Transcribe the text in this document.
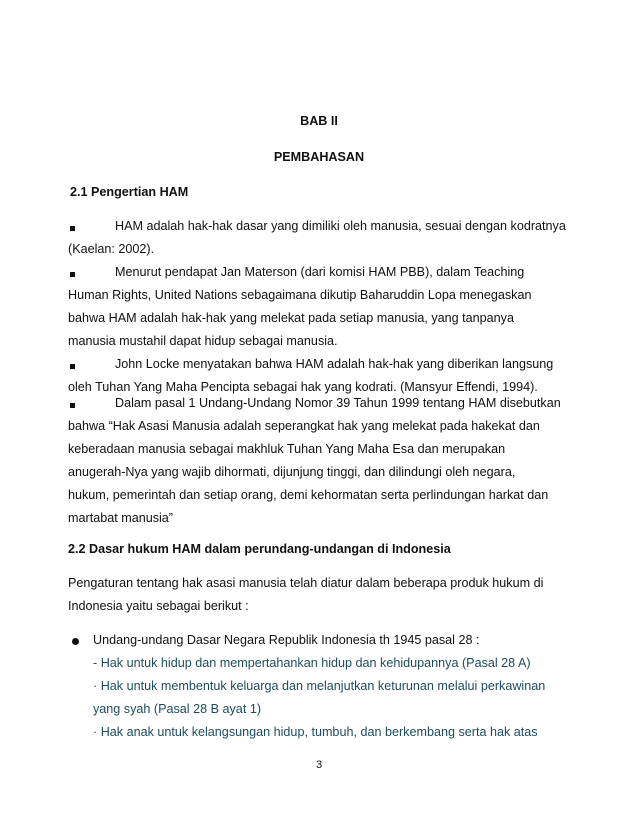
BAB II
PEMBAHASAN
2.1 Pengertian HAM
HAM adalah hak-hak dasar yang dimiliki oleh manusia, sesuai dengan kodratnya
(Kaelan: 2002).
Menurut pendapat Jan Materson (dari komisi HAM PBB), dalam Teaching
Human Rights, United Nations sebagaimana dikutip Baharuddin Lopa menegaskan
bahwa HAM adalah hak-hak yang melekat pada setiap manusia, yang tanpanya
manusia mustahil dapat hidup sebagai manusia.
John Locke menyatakan bahwa HAM adalah hak-hak yang diberikan langsung
oleh Tuhan Yang Maha Pencipta sebagai hak yang kodrati. (Mansyur Effendi, 1994).
Dalam pasal 1 Undang-Undang Nomor 39 Tahun 1999 tentang HAM disebutkan
bahwa “Hak Asasi Manusia adalah seperangkat hak yang melekat pada hakekat dan
keberadaan manusia sebagai makhluk Tuhan Yang Maha Esa dan merupakan
anugerah-Nya yang wajib dihormati, dijunjung tinggi, dan dilindungi oleh negara,
hukum, pemerintah dan setiap orang, demi kehormatan serta perlindungan harkat dan
martabat manusia”
2.2 Dasar hukum HAM dalam perundang-undangan di Indonesia
Pengaturan tentang hak asasi manusia telah diatur dalam beberapa produk hukum di
Indonesia yaitu sebagai berikut :
Undang-undang Dasar Negara Republik Indonesia th 1945 pasal 28 :
- Hak untuk hidup dan mempertahankan hidup dan kehidupannya (Pasal 28 A)
· Hak untuk membentuk keluarga dan melanjutkan keturunan melalui perkawinan
yang syah (Pasal 28 B ayat 1)
· Hak anak untuk kelangsungan hidup, tumbuh, dan berkembang serta hak atas
3
